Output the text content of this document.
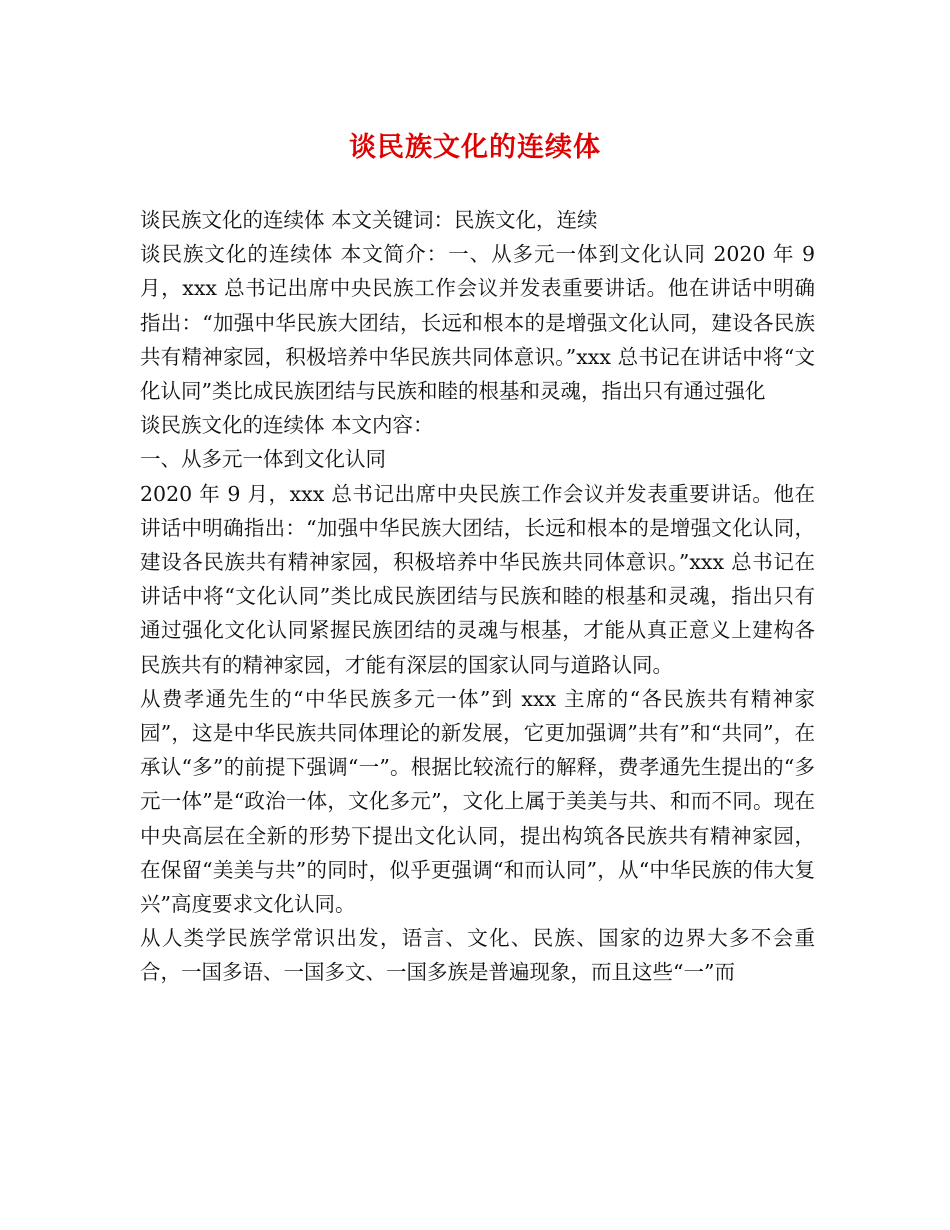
谈民族文化的连续体

谈民族文化的连续体 本文关键词：民族文化，连续

谈民族文化的连续体 本文简介：一、从多元一体到文化认同 2020 年 9 月，xxx 总书记出席中央民族工作会议并发表重要讲话。他在讲话中明确指出：“加强中华民族大团结，长远和根本的是增强文化认同，建设各民族共有精神家园，积极培养中华民族共同体意识。”xxx 总书记在讲话中将“文化认同”类比成民族团结与民族和睦的根基和灵魂，指出只有通过强化

谈民族文化的连续体 本文内容：

一、从多元一体到文化认同

2020 年 9 月，xxx 总书记出席中央民族工作会议并发表重要讲话。他在讲话中明确指出：“加强中华民族大团结，长远和根本的是增强文化认同，建设各民族共有精神家园，积极培养中华民族共同体意识。”xxx 总书记在讲话中将“文化认同”类比成民族团结与民族和睦的根基和灵魂，指出只有通过强化文化认同紧握民族团结的灵魂与根基，才能从真正意义上建构各民族共有的精神家园，才能有深层的国家认同与道路认同。

从费孝通先生的“中华民族多元一体”到 xxx 主席的“各民族共有精神家园”，这是中华民族共同体理论的新发展，它更加强调”共有”和“共同”，在承认“多”的前提下强调“一”。根据比较流行的解释，费孝通先生提出的“多元一体”是“政治一体，文化多元”，文化上属于美美与共、和而不同。现在中央高层在全新的形势下提出文化认同，提出构筑各民族共有精神家园，在保留“美美与共”的同时，似乎更强调“和而认同”，从“中华民族的伟大复兴”高度要求文化认同。

从人类学民族学常识出发，语言、文化、民族、国家的边界大多不会重合，一国多语、一国多文、一国多族是普遍现象，而且这些“一”而
